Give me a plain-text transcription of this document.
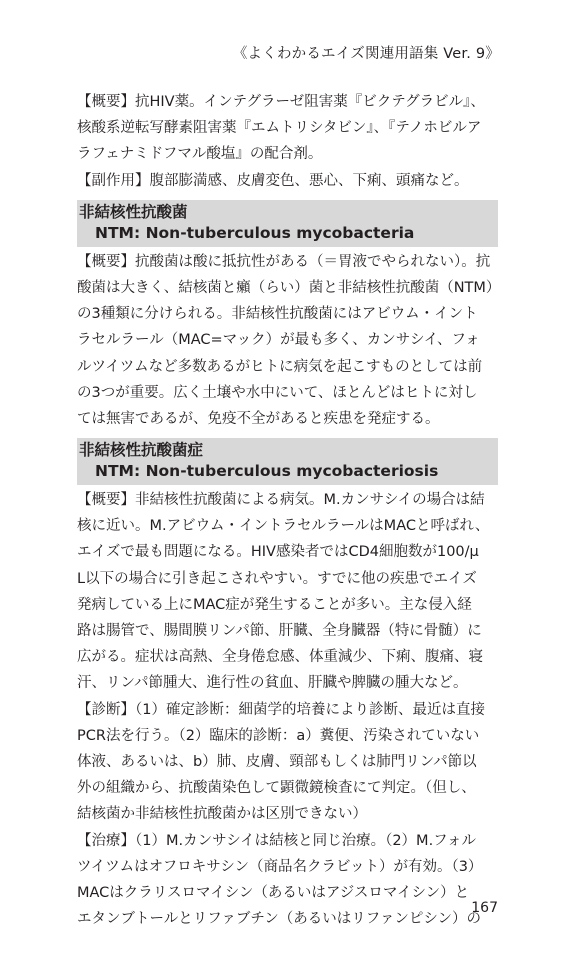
《よくわかるエイズ関連用語集 Ver. 9》
【概要】抗HIV薬。インテグラーゼ阻害薬『ビクテグラビル』、
核酸系逆転写酵素阻害薬『エムトリシタビン』、『テノホビルア
ラフェナミドフマル酸塩』の配合剤。
【副作用】腹部膨満感、皮膚変色、悪心、下痢、頭痛など。
非結核性抗酸菌
NTM: Non-tuberculous mycobacteria
【概要】抗酸菌は酸に抵抗性がある（＝胃液でやられない）。抗
酸菌は大きく、結核菌と癩（らい）菌と非結核性抗酸菌（NTM）
の3種類に分けられる。非結核性抗酸菌にはアビウム・イント
ラセルラール（MAC=マック）が最も多く、カンサシイ、フォ
ルツイツムなど多数あるがヒトに病気を起こすものとしては前
の3つが重要。広く土壌や水中にいて、ほとんどはヒトに対し
ては無害であるが、免疫不全があると疾患を発症する。
非結核性抗酸菌症
NTM: Non-tuberculous mycobacteriosis
【概要】非結核性抗酸菌による病気。M.カンサシイの場合は結
核に近い。M.アビウム・イントラセルラールはMACと呼ばれ、
エイズで最も問題になる。HIV感染者ではCD4細胞数が100/μ
L以下の場合に引き起こされやすい。すでに他の疾患でエイズ
発病している上にMAC症が発生することが多い。主な侵入経
路は腸管で、腸間膜リンパ節、肝臓、全身臓器（特に骨髄）に
広がる。症状は高熱、全身倦怠感、体重減少、下痢、腹痛、寝
汗、リンパ節腫大、進行性の貧血、肝臓や脾臓の腫大など。
【診断】（1）確定診断：細菌学的培養により診断、最近は直接
PCR法を行う。（2）臨床的診断：a）糞便、汚染されていない
体液、あるいは、b）肺、皮膚、頸部もしくは肺門リンパ節以
外の組織から、抗酸菌染色して顕微鏡検査にて判定。（但し、
結核菌か非結核性抗酸菌かは区別できない）
【治療】（1）M.カンサシイは結核と同じ治療。（2）M.フォル
ツイツムはオフロキサシン（商品名クラビット）が有効。（3）
MACはクラリスロマイシン（あるいはアジスロマイシン）と
エタンブトールとリファブチン（あるいはリファンピシン）の
167
